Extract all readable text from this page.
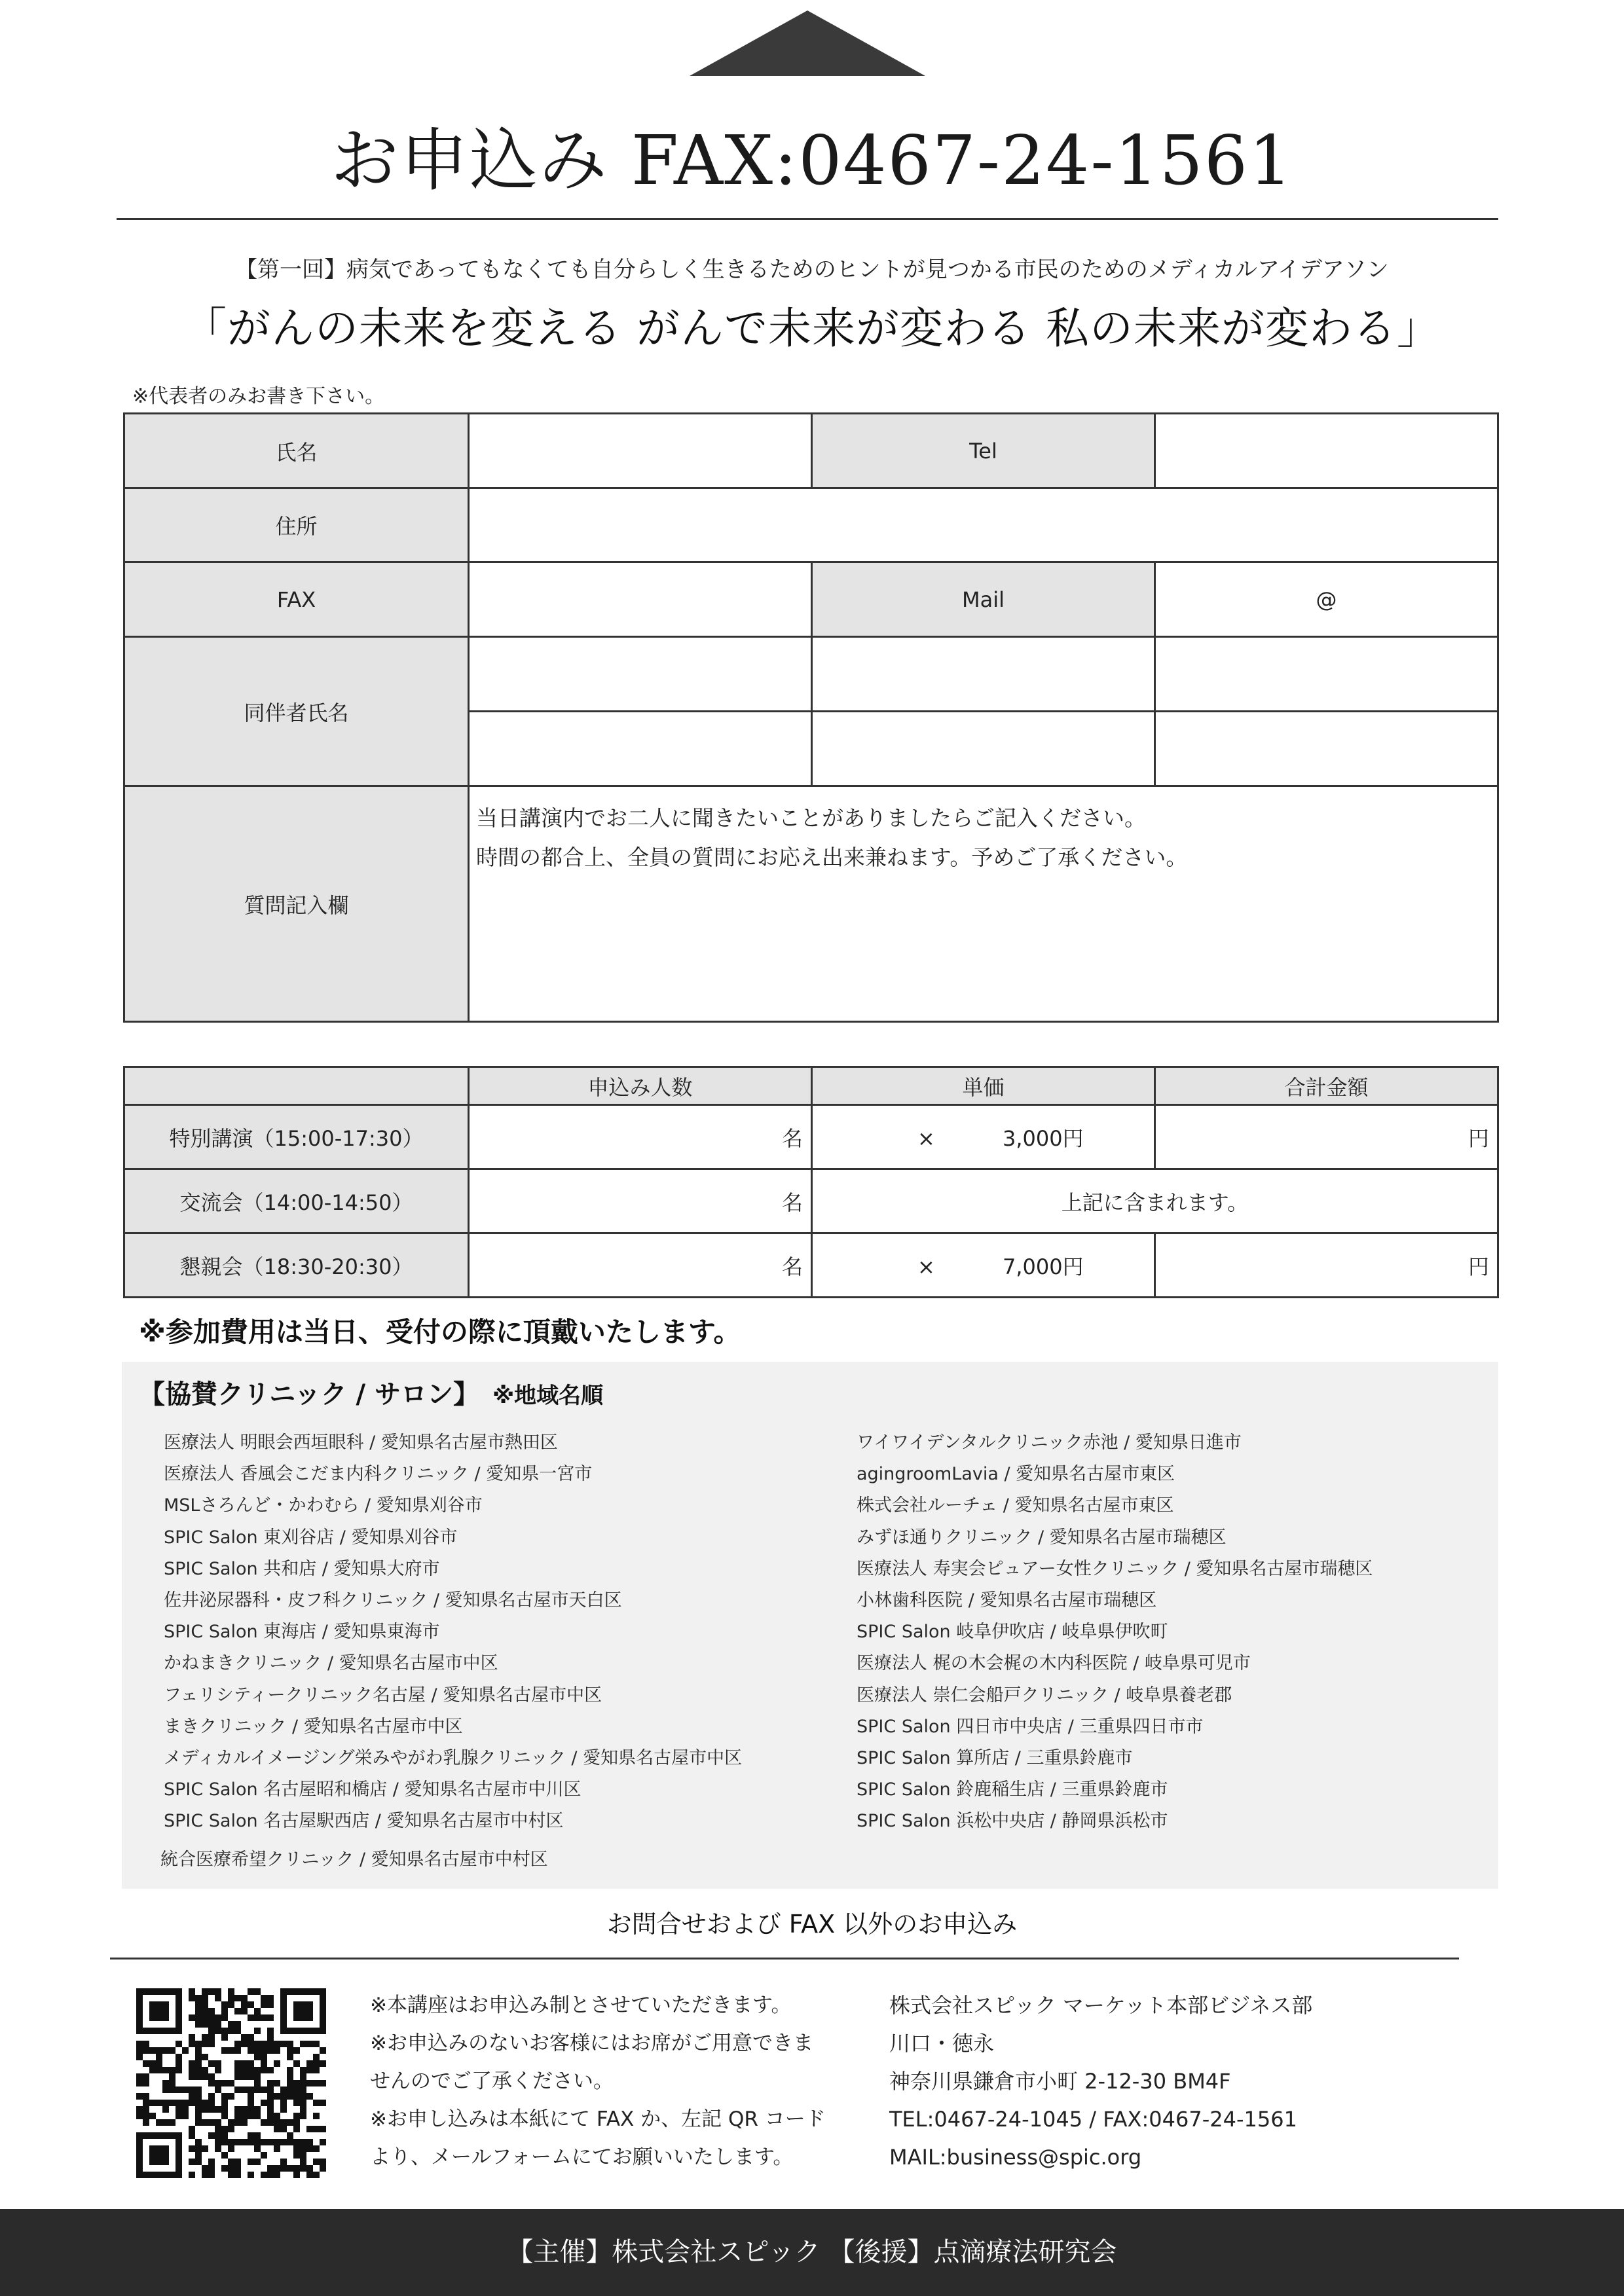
お申込み FAX:0467-24-1561
【第一回】病気であってもなくても自分らしく生きるためのヒントが見つかる市民のためのメディカルアイデアソン
「がんの未来を変える がんで未来が変わる 私の未来が変わる」
※代表者のみお書き下さい。
氏名		Tel	
住所			
FAX		Mail	@
同伴者氏名			

質問記入欄	当日講演内でお二人に聞きたいことがありましたらご記入ください。
時間の都合上、全員の質問にお応え出来兼ねます。予めご了承ください。		
	申込み人数	単価	合計金額
特別講演（15:00-17:30）	名	× 3,000円	円
交流会（14:00-14:50）	名	上記に含まれます。	
懇親会（18:30-20:30）	名	× 7,000円	円
※参加費用は当日、受付の際に頂戴いたします。
【協賛クリニック / サロン】 ※地域名順
医療法人 明眼会西垣眼科 / 愛知県名古屋市熱田区
医療法人 香風会こだま内科クリニック / 愛知県一宮市
MSLさろんど・かわむら / 愛知県刈谷市
SPIC Salon 東刈谷店 / 愛知県刈谷市
SPIC Salon 共和店 / 愛知県大府市
佐井泌尿器科・皮フ科クリニック / 愛知県名古屋市天白区
SPIC Salon 東海店 / 愛知県東海市
かねまきクリニック / 愛知県名古屋市中区
フェリシティークリニック名古屋 / 愛知県名古屋市中区
まきクリニック / 愛知県名古屋市中区
メディカルイメージング栄みやがわ乳腺クリニック / 愛知県名古屋市中区
SPIC Salon 名古屋昭和橋店 / 愛知県名古屋市中川区
SPIC Salon 名古屋駅西店 / 愛知県名古屋市中村区
統合医療希望クリニック / 愛知県名古屋市中村区
ワイワイデンタルクリニック赤池 / 愛知県日進市
agingroomLavia / 愛知県名古屋市東区
株式会社ルーチェ / 愛知県名古屋市東区
みずほ通りクリニック / 愛知県名古屋市瑞穂区
医療法人 寿実会ピュアー女性クリニック / 愛知県名古屋市瑞穂区
小林歯科医院 / 愛知県名古屋市瑞穂区
SPIC Salon 岐阜伊吹店 / 岐阜県伊吹町
医療法人 梶の木会梶の木内科医院 / 岐阜県可児市
医療法人 崇仁会船戸クリニック / 岐阜県養老郡
SPIC Salon 四日市中央店 / 三重県四日市市
SPIC Salon 算所店 / 三重県鈴鹿市
SPIC Salon 鈴鹿稲生店 / 三重県鈴鹿市
SPIC Salon 浜松中央店 / 静岡県浜松市
お問合せおよび FAX 以外のお申込み
※本講座はお申込み制とさせていただきます。
※お申込みのないお客様にはお席がご用意できま
せんのでご了承ください。
※お申し込みは本紙にて FAX か、左記 QR コード
より、メールフォームにてお願いいたします。
株式会社スピック マーケット本部ビジネス部
川口・徳永
神奈川県鎌倉市小町 2-12-30 BM4F
TEL:0467-24-1045 / FAX:0467-24-1561
MAIL:business@spic.org
【主催】株式会社スピック 【後援】点滴療法研究会
